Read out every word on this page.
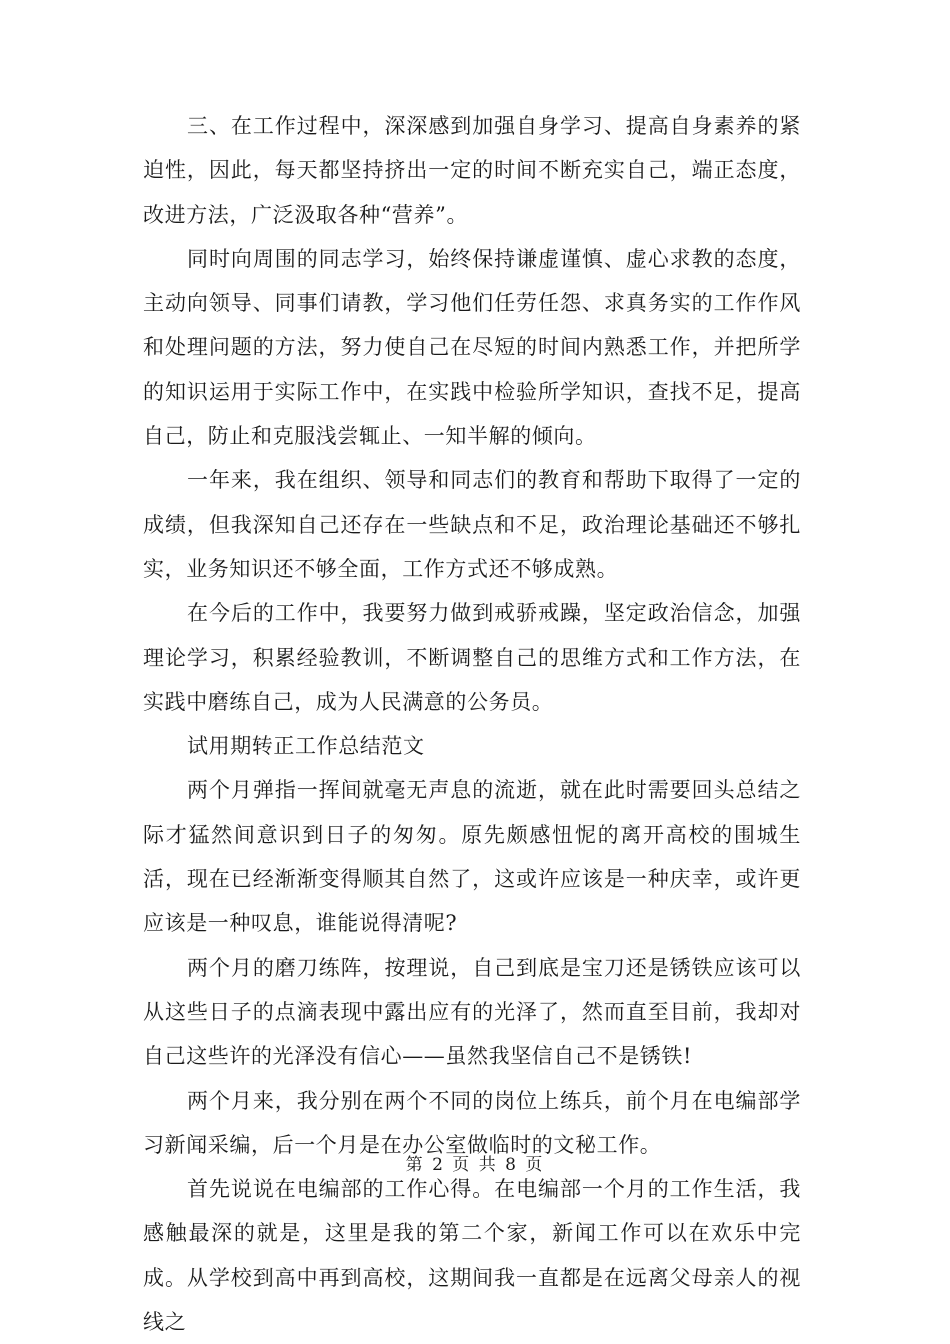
三、在工作过程中，深深感到加强自身学习、提高自身素养的紧迫性，因此，每天都坚持挤出一定的时间不断充实自己，端正态度，改进方法，广泛汲取各种“营养”。

同时向周围的同志学习，始终保持谦虚谨慎、虚心求教的态度，主动向领导、同事们请教，学习他们任劳任怨、求真务实的工作作风和处理问题的方法，努力使自己在尽短的时间内熟悉工作，并把所学的知识运用于实际工作中，在实践中检验所学知识，查找不足，提高自己，防止和克服浅尝辄止、一知半解的倾向。

一年来，我在组织、领导和同志们的教育和帮助下取得了一定的成绩，但我深知自己还存在一些缺点和不足，政治理论基础还不够扎实，业务知识还不够全面，工作方式还不够成熟。

在今后的工作中，我要努力做到戒骄戒躁，坚定政治信念，加强理论学习，积累经验教训，不断调整自己的思维方式和工作方法，在实践中磨练自己，成为人民满意的公务员。

试用期转正工作总结范文

两个月弹指一挥间就毫无声息的流逝，就在此时需要回头总结之际才猛然间意识到日子的匆匆。原先颇感忸怩的离开高校的围城生活，现在已经渐渐变得顺其自然了，这或许应该是一种庆幸，或许更应该是一种叹息，谁能说得清呢?

两个月的磨刀练阵，按理说，自己到底是宝刀还是锈铁应该可以从这些日子的点滴表现中露出应有的光泽了，然而直至目前，我却对自己这些许的光泽没有信心——虽然我坚信自己不是锈铁!

两个月来，我分别在两个不同的岗位上练兵，前个月在电编部学习新闻采编，后一个月是在办公室做临时的文秘工作。

首先说说在电编部的工作心得。在电编部一个月的工作生活，我感触最深的就是，这里是我的第二个家，新闻工作可以在欢乐中完成。从学校到高中再到高校，这期间我一直都是在远离父母亲人的视线之

第 2 页 共 8 页
